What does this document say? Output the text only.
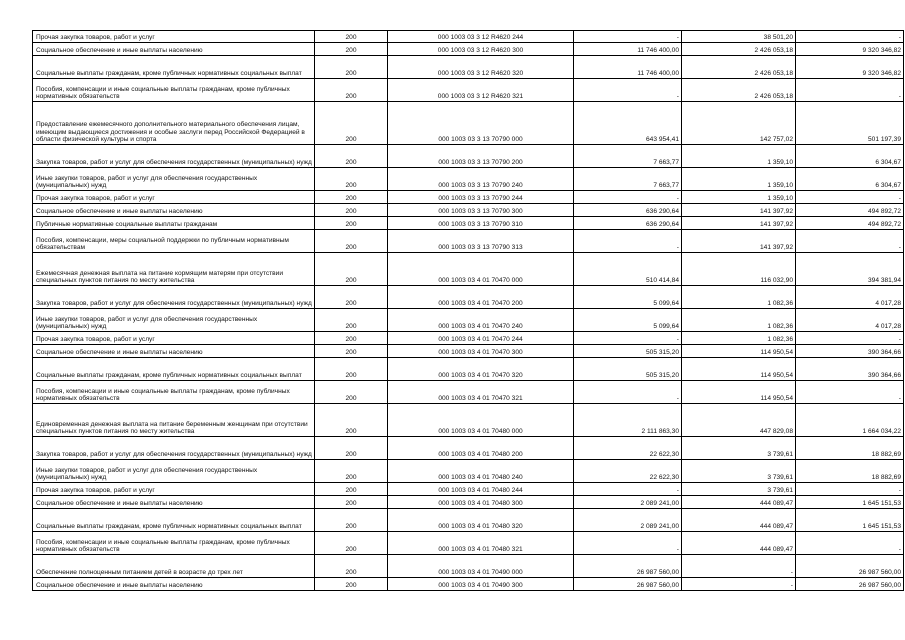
Прочая закупка товаров, работ и услуг	200	000 1003 03 3 12 R4620 244	-	38 501,20	-
Социальное обеспечение и иные выплаты населению	200	000 1003 03 3 12 R4620 300	11 746 400,00	2 426 053,18	9 320 346,82
Социальные выплаты гражданам, кроме публичных нормативных социальных выплат	200	000 1003 03 3 12 R4620 320	11 746 400,00	2 426 053,18	9 320 346,82
Пособия, компенсации и иные социальные выплаты гражданам, кроме публичных нормативных обязательств	200	000 1003 03 3 12 R4620 321	-	2 426 053,18	-
Предоставление ежемесячного дополнительного материального обеспечения лицам, имеющим выдающиеся достижения и особые заслуги перед Российской Федерацией в области физической культуры и спорта	200	000 1003 03 3 13 70790 000	643 954,41	142 757,02	501 197,39
Закупка товаров, работ и услуг для обеспечения государственных (муниципальных) нужд	200	000 1003 03 3 13 70790 200	7 663,77	1 359,10	6 304,67
Иные закупки товаров, работ и услуг для обеспечения государственных (муниципальных) нужд	200	000 1003 03 3 13 70790 240	7 663,77	1 359,10	6 304,67
Прочая закупка товаров, работ и услуг	200	000 1003 03 3 13 70790 244	-	1 359,10	-
Социальное обеспечение и иные выплаты населению	200	000 1003 03 3 13 70790 300	636 290,64	141 397,92	494 892,72
Публичные нормативные социальные выплаты гражданам	200	000 1003 03 3 13 70790 310	636 290,64	141 397,92	494 892,72
Пособия, компенсации, меры социальной поддержки по публичным нормативным обязательствам	200	000 1003 03 3 13 70790 313	-	141 397,92	-
Ежемесячная денежная выплата на питание кормящим матерям при отсутствии специальных пунктов питания по месту жительства	200	000 1003 03 4 01 70470 000	510 414,84	116 032,90	394 381,94
Закупка товаров, работ и услуг для обеспечения государственных (муниципальных) нужд	200	000 1003 03 4 01 70470 200	5 099,64	1 082,36	4 017,28
Иные закупки товаров, работ и услуг для обеспечения государственных (муниципальных) нужд	200	000 1003 03 4 01 70470 240	5 099,64	1 082,36	4 017,28
Прочая закупка товаров, работ и услуг	200	000 1003 03 4 01 70470 244	-	1 082,36	-
Социальное обеспечение и иные выплаты населению	200	000 1003 03 4 01 70470 300	505 315,20	114 950,54	390 364,66
Социальные выплаты гражданам, кроме публичных нормативных социальных выплат	200	000 1003 03 4 01 70470 320	505 315,20	114 950,54	390 364,66
Пособия, компенсации и иные социальные выплаты гражданам, кроме публичных нормативных обязательств	200	000 1003 03 4 01 70470 321	-	114 950,54	-
Единовременная денежная выплата на питание беременным женщинам при отсутствии специальных пунктов питания по месту жительства	200	000 1003 03 4 01 70480 000	2 111 863,30	447 829,08	1 664 034,22
Закупка товаров, работ и услуг для обеспечения государственных (муниципальных) нужд	200	000 1003 03 4 01 70480 200	22 622,30	3 739,61	18 882,69
Иные закупки товаров, работ и услуг для обеспечения государственных (муниципальных) нужд	200	000 1003 03 4 01 70480 240	22 622,30	3 739,61	18 882,69
Прочая закупка товаров, работ и услуг	200	000 1003 03 4 01 70480 244	-	3 739,61	-
Социальное обеспечение и иные выплаты населению	200	000 1003 03 4 01 70480 300	2 089 241,00	444 089,47	1 645 151,53
Социальные выплаты гражданам, кроме публичных нормативных социальных выплат	200	000 1003 03 4 01 70480 320	2 089 241,00	444 089,47	1 645 151,53
Пособия, компенсации и иные социальные выплаты гражданам, кроме публичных нормативных обязательств	200	000 1003 03 4 01 70480 321	-	444 089,47	-
Обеспечение полноценным питанием детей в возрасте до трех лет	200	000 1003 03 4 01 70490 000	26 987 560,00	-	26 987 560,00
Социальное обеспечение и иные выплаты населению	200	000 1003 03 4 01 70490 300	26 987 560,00	-	26 987 560,00
